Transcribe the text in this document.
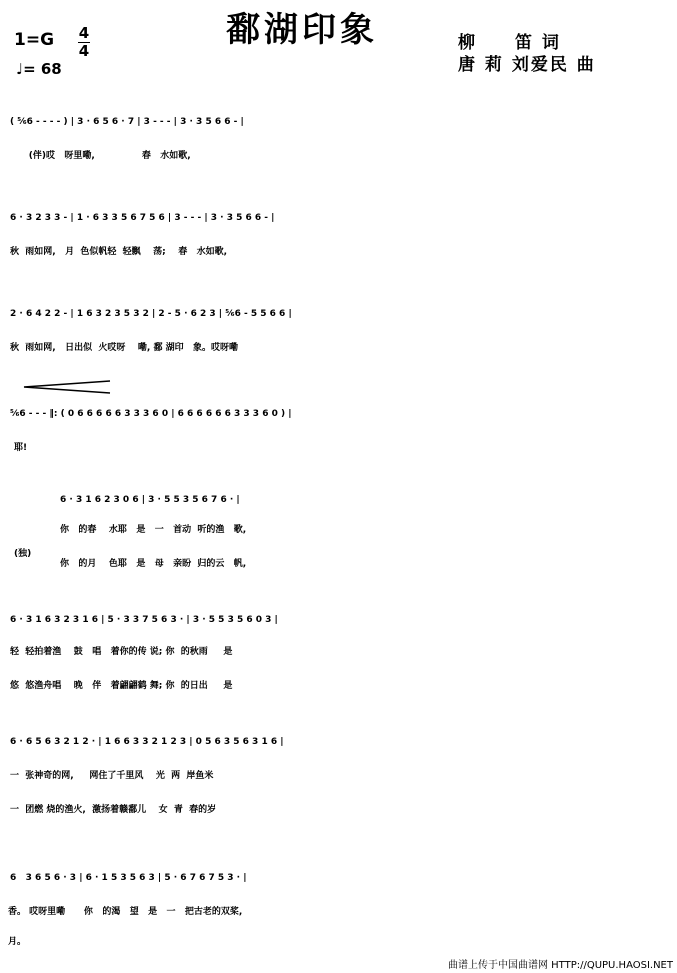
1=G 4
4
♩= 68
鄱湖印象	柳　　笛 词
唐 莉 刘爱民 曲
( ⁵⁄₆6 - - - - ) | 3 · 6 5 6 · 7 | 3 - - - | 3 · 3 5 6 6 - |
(伴)哎   呀里嘞,               春   水如歌,
6 · 3 2 3 3 - | 1 · 6 3 3 5 6 7 5 6 | 3 - - - | 3 · 3 5 6 6 - |
秋  雨如网,   月  色似帆轻  轻飘    荡;    春   水如歌,
2 · 6 4 2 2 - | 1 6 3 2 3 5 3 2 | 2 - 5 · 6 2 3 | ⁵⁄₆6 - 5 5 6 6 |
秋  雨如网,   日出似  火哎呀    嘞, 鄱 湖印   象。哎呀嘞
⁵⁄₆6 - - - ‖: ( 0 6 6 6 6 6 3 3 3 6 0 | 6 6 6 6 6 6 3 3 3 6 0 ) |
耶!
6 · 3 1 6 2 3 0 6 | 3 · 5 5 3 5 6 7 6 · |
你   的春    水耶   是   一   首动  听的渔   歌,
(独)
你   的月    色耶   是   母   亲盼  归的云   帆,
6 · 3 1 6 3 2 3 1 6 | 5 · 3 3 7 5 6 3 · | 3 · 5 5 3 5 6 0 3 |
轻  轻拍着渔    鼓   唱   着你的传 说; 你  的秋雨     是
悠  悠渔舟唱    晚   伴   着翩翩鹤 舞; 你  的日出     是
6 · 6 5 6 3 2 1 2 · | 1 6 6 3 3 2 1 2 3 | 0 5 6 3 5 6 3 1 6 |
一  张神奇的网,     网住了千里风    光  两  岸鱼米
一  团燃 烧的渔火,  激扬着赣鄱儿    女  青  春的岁
6   3 6 5 6 · 3 | 6 · 1 5 3 5 6 3 | 5 · 6 7 6 7 5 3 · |
香。 哎呀里嘞      你   的渴   望   是   一   把古老的双桨,
月。
曲谱上传于中国曲谱网 HTTP://QUPU.HAOSI.NET
